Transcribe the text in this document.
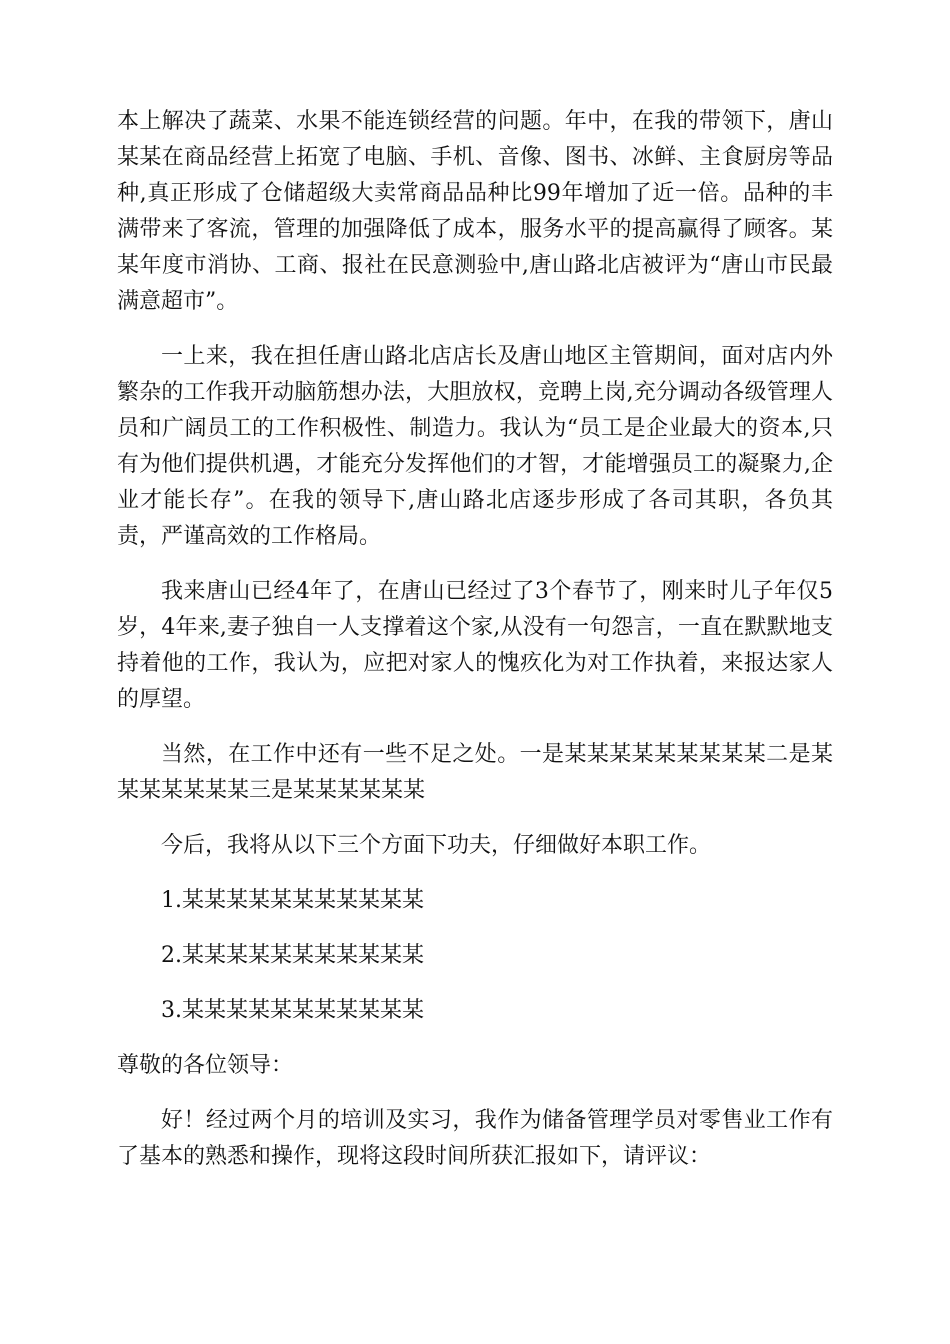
本上解决了蔬菜、水果不能连锁经营的问题。年中，在我的带领下，唐山某某在商品经营上拓宽了电脑、手机、音像、图书、冰鲜、主食厨房等品种,真正形成了仓储超级大卖常商品品种比99年增加了近一倍。品种的丰满带来了客流，管理的加强降低了成本，服务水平的提高赢得了顾客。某某年度市消协、工商、报社在民意测验中,唐山路北店被评为“唐山市民最满意超市”。

一上来，我在担任唐山路北店店长及唐山地区主管期间，面对店内外繁杂的工作我开动脑筋想办法，大胆放权，竞聘上岗,充分调动各级管理人员和广阔员工的工作积极性、制造力。我认为“员工是企业最大的资本,只有为他们提供机遇，才能充分发挥他们的才智，才能增强员工的凝聚力,企业才能长存”。在我的领导下,唐山路北店逐步形成了各司其职，各负其责，严谨高效的工作格局。

我来唐山已经4年了，在唐山已经过了3个春节了，刚来时儿子年仅5岁，4年来,妻子独自一人支撑着这个家,从没有一句怨言，一直在默默地支持着他的工作，我认为，应把对家人的愧疚化为对工作执着，来报达家人的厚望。

当然，在工作中还有一些不足之处。一是某某某某某某某某某二是某某某某某某某三是某某某某某某

今后，我将从以下三个方面下功夫，仔细做好本职工作。

1.某某某某某某某某某某某

2.某某某某某某某某某某某

3.某某某某某某某某某某某

尊敬的各位领导：

好！经过两个月的培训及实习，我作为储备管理学员对零售业工作有了基本的熟悉和操作，现将这段时间所获汇报如下，请评议：
